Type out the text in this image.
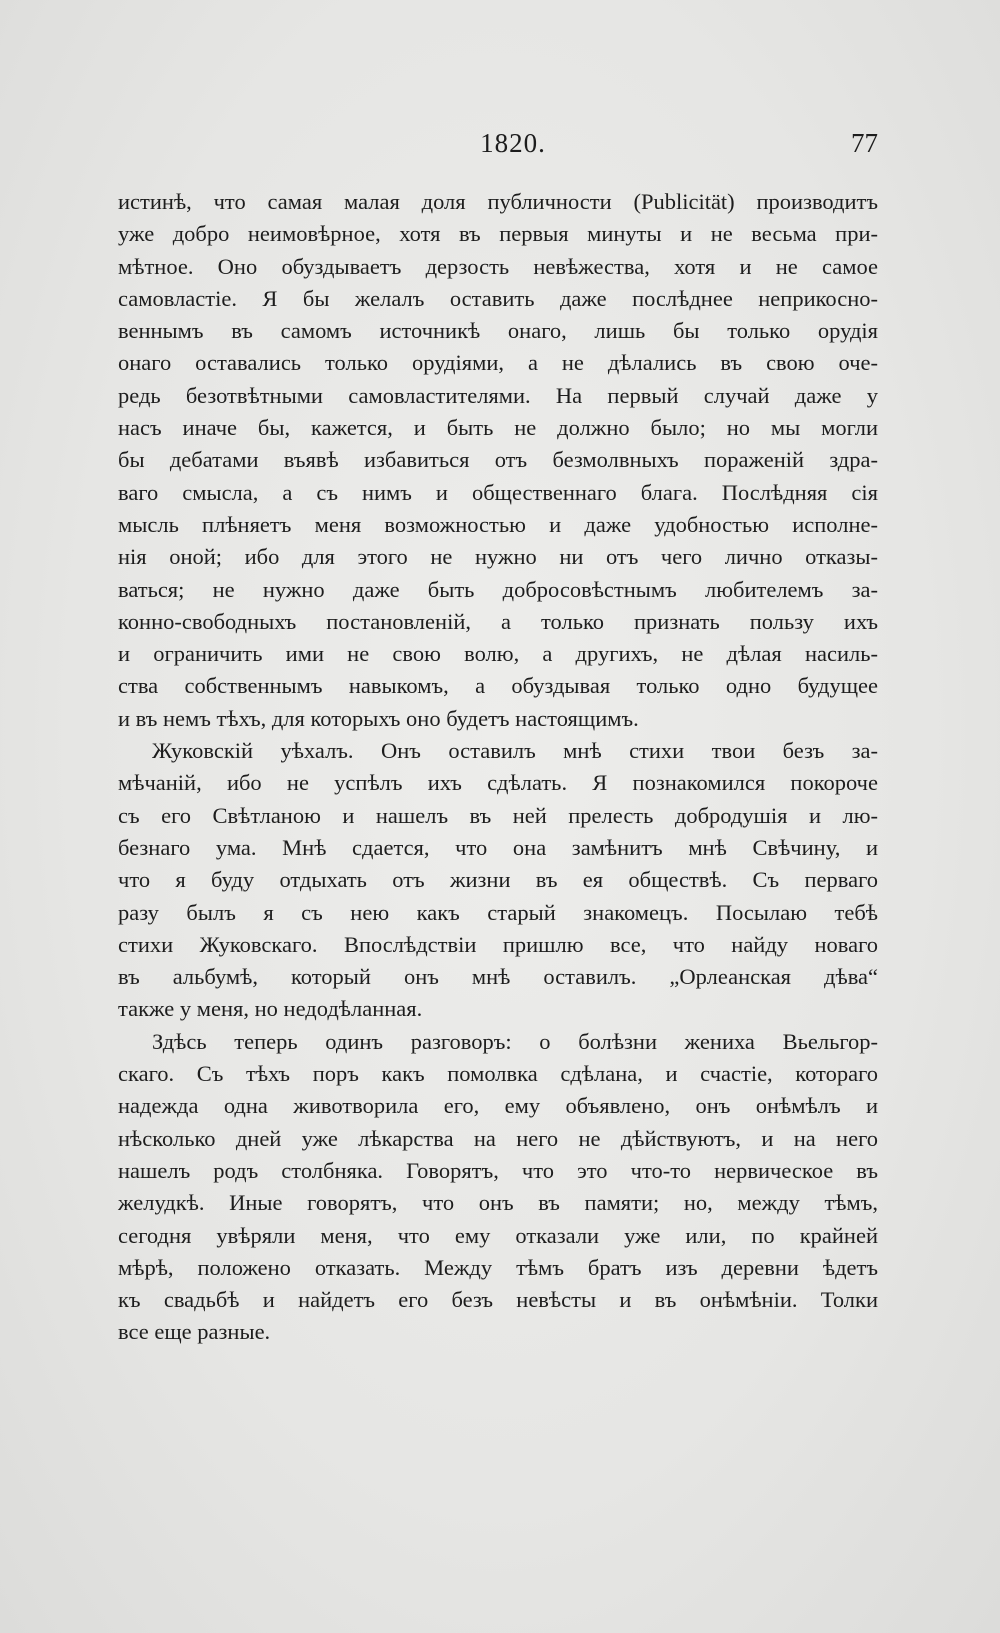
1820.	77
истинѣ, что самая малая доля публичности (Publicität) производитъ
уже добро неимовѣрное, хотя въ первыя минуты и не весьма при-
мѣтное. Оно обуздываетъ дерзость невѣжества, хотя и не самое
самовластіе. Я бы желалъ оставить даже послѣднее неприкосно-
веннымъ въ самомъ источникѣ онаго, лишь бы только орудія
онаго оставались только орудіями, а не дѣлались въ свою оче-
редь безотвѣтными самовластителями. На первый случай даже у
насъ иначе бы, кажется, и быть не должно было; но мы могли
бы дебатами въявѣ избавиться отъ безмолвныхъ пораженій здра-
ваго смысла, а съ нимъ и общественнаго блага. Послѣдняя сія
мысль плѣняетъ меня возможностью и даже удобностью исполне-
нія оной; ибо для этого не нужно ни отъ чего лично отказы-
ваться; не нужно даже быть добросовѣстнымъ любителемъ за-
конно-свободныхъ постановленій, а только признать пользу ихъ
и ограничить ими не свою волю, а другихъ, не дѣлая насиль-
ства собственнымъ навыкомъ, а обуздывая только одно будущее
и въ немъ тѣхъ, для которыхъ оно будетъ настоящимъ.
Жуковскій уѣхалъ. Онъ оставилъ мнѣ стихи твои безъ за-
мѣчаній, ибо не успѣлъ ихъ сдѣлать. Я познакомился покороче
съ его Свѣтланою и нашелъ въ ней прелесть добродушія и лю-
безнаго ума. Мнѣ сдается, что она замѣнитъ мнѣ Свѣчину, и
что я буду отдыхать отъ жизни въ ея обществѣ. Съ перваго
разу былъ я съ нею какъ старый знакомецъ. Посылаю тебѣ
стихи Жуковскаго. Впослѣдствіи пришлю все, что найду новаго
въ альбумѣ, который онъ мнѣ оставилъ. „Орлеанская дѣва“
также у меня, но недодѣланная.
Здѣсь теперь одинъ разговоръ: о болѣзни жениха Вьельгор-
скаго. Съ тѣхъ поръ какъ помолвка сдѣлана, и счастіе, котораго
надежда одна животворила его, ему объявлено, онъ онѣмѣлъ и
нѣсколько дней уже лѣкарства на него не дѣйствуютъ, и на него
нашелъ родъ столбняка. Говорятъ, что это что-то нервическое въ
желудкѣ. Иные говорятъ, что онъ въ памяти; но, между тѣмъ,
сегодня увѣряли меня, что ему отказали уже или, по крайней
мѣрѣ, положено отказать. Между тѣмъ братъ изъ деревни ѣдетъ
къ свадьбѣ и найдетъ его безъ невѣсты и въ онѣмѣніи. Толки
все еще разные.
